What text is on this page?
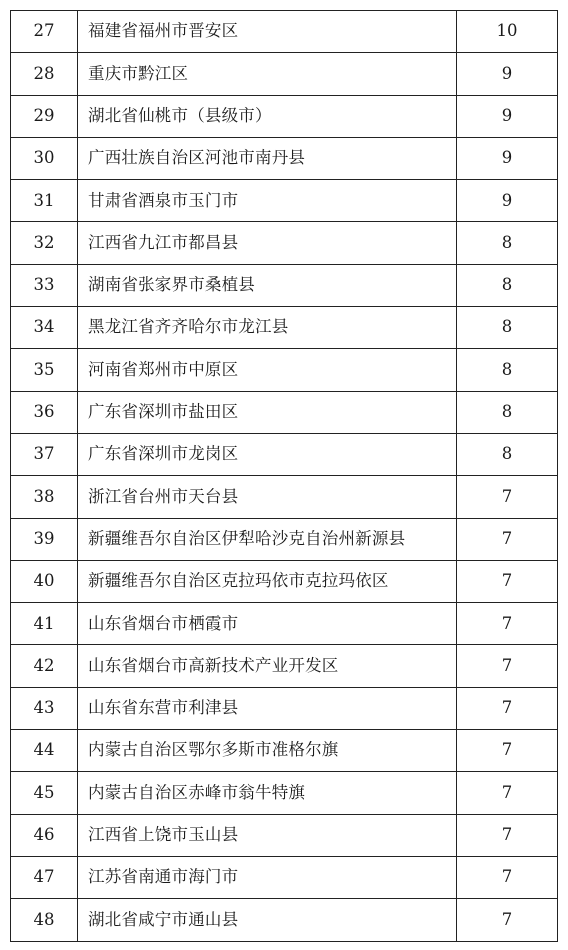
27	福建省福州市晋安区	10
28	重庆市黔江区	9
29	湖北省仙桃市（县级市）	9
30	广西壮族自治区河池市南丹县	9
31	甘肃省酒泉市玉门市	9
32	江西省九江市都昌县	8
33	湖南省张家界市桑植县	8
34	黑龙江省齐齐哈尔市龙江县	8
35	河南省郑州市中原区	8
36	广东省深圳市盐田区	8
37	广东省深圳市龙岗区	8
38	浙江省台州市天台县	7
39	新疆维吾尔自治区伊犁哈沙克自治州新源县	7
40	新疆维吾尔自治区克拉玛依市克拉玛依区	7
41	山东省烟台市栖霞市	7
42	山东省烟台市高新技术产业开发区	7
43	山东省东营市利津县	7
44	内蒙古自治区鄂尔多斯市准格尔旗	7
45	内蒙古自治区赤峰市翁牛特旗	7
46	江西省上饶市玉山县	7
47	江苏省南通市海门市	7
48	湖北省咸宁市通山县	7
